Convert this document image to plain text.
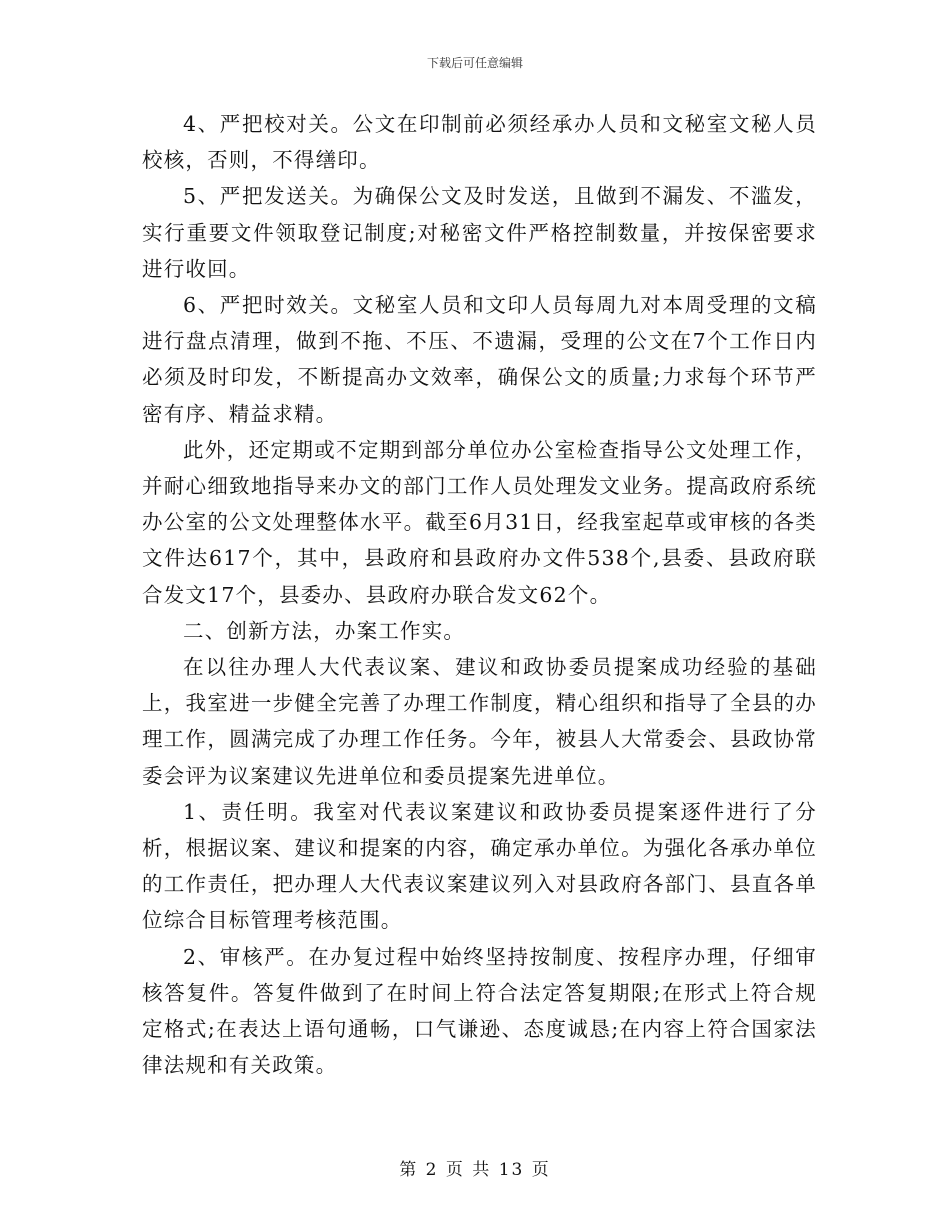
下载后可任意编辑

4、严把校对关。公文在印制前必须经承办人员和文秘室文秘人员校核，否则，不得缮印。

5、严把发送关。为确保公文及时发送，且做到不漏发、不滥发，实行重要文件领取登记制度;对秘密文件严格控制数量，并按保密要求进行收回。

6、严把时效关。文秘室人员和文印人员每周九对本周受理的文稿进行盘点清理，做到不拖、不压、不遗漏，受理的公文在7个工作日内必须及时印发，不断提高办文效率，确保公文的质量;力求每个环节严密有序、精益求精。

此外，还定期或不定期到部分单位办公室检查指导公文处理工作，并耐心细致地指导来办文的部门工作人员处理发文业务。提高政府系统办公室的公文处理整体水平。截至6月31日，经我室起草或审核的各类文件达617个，其中，县政府和县政府办文件538个,县委、县政府联合发文17个，县委办、县政府办联合发文62个。

二、创新方法，办案工作实。

在以往办理人大代表议案、建议和政协委员提案成功经验的基础上，我室进一步健全完善了办理工作制度，精心组织和指导了全县的办理工作，圆满完成了办理工作任务。今年，被县人大常委会、县政协常委会评为议案建议先进单位和委员提案先进单位。

1、责任明。我室对代表议案建议和政协委员提案逐件进行了分析，根据议案、建议和提案的内容，确定承办单位。为强化各承办单位的工作责任，把办理人大代表议案建议列入对县政府各部门、县直各单位综合目标管理考核范围。

2、审核严。在办复过程中始终坚持按制度、按程序办理，仔细审核答复件。答复件做到了在时间上符合法定答复期限;在形式上符合规定格式;在表达上语句通畅，口气谦逊、态度诚恳;在内容上符合国家法律法规和有关政策。

第 2 页 共 13 页
